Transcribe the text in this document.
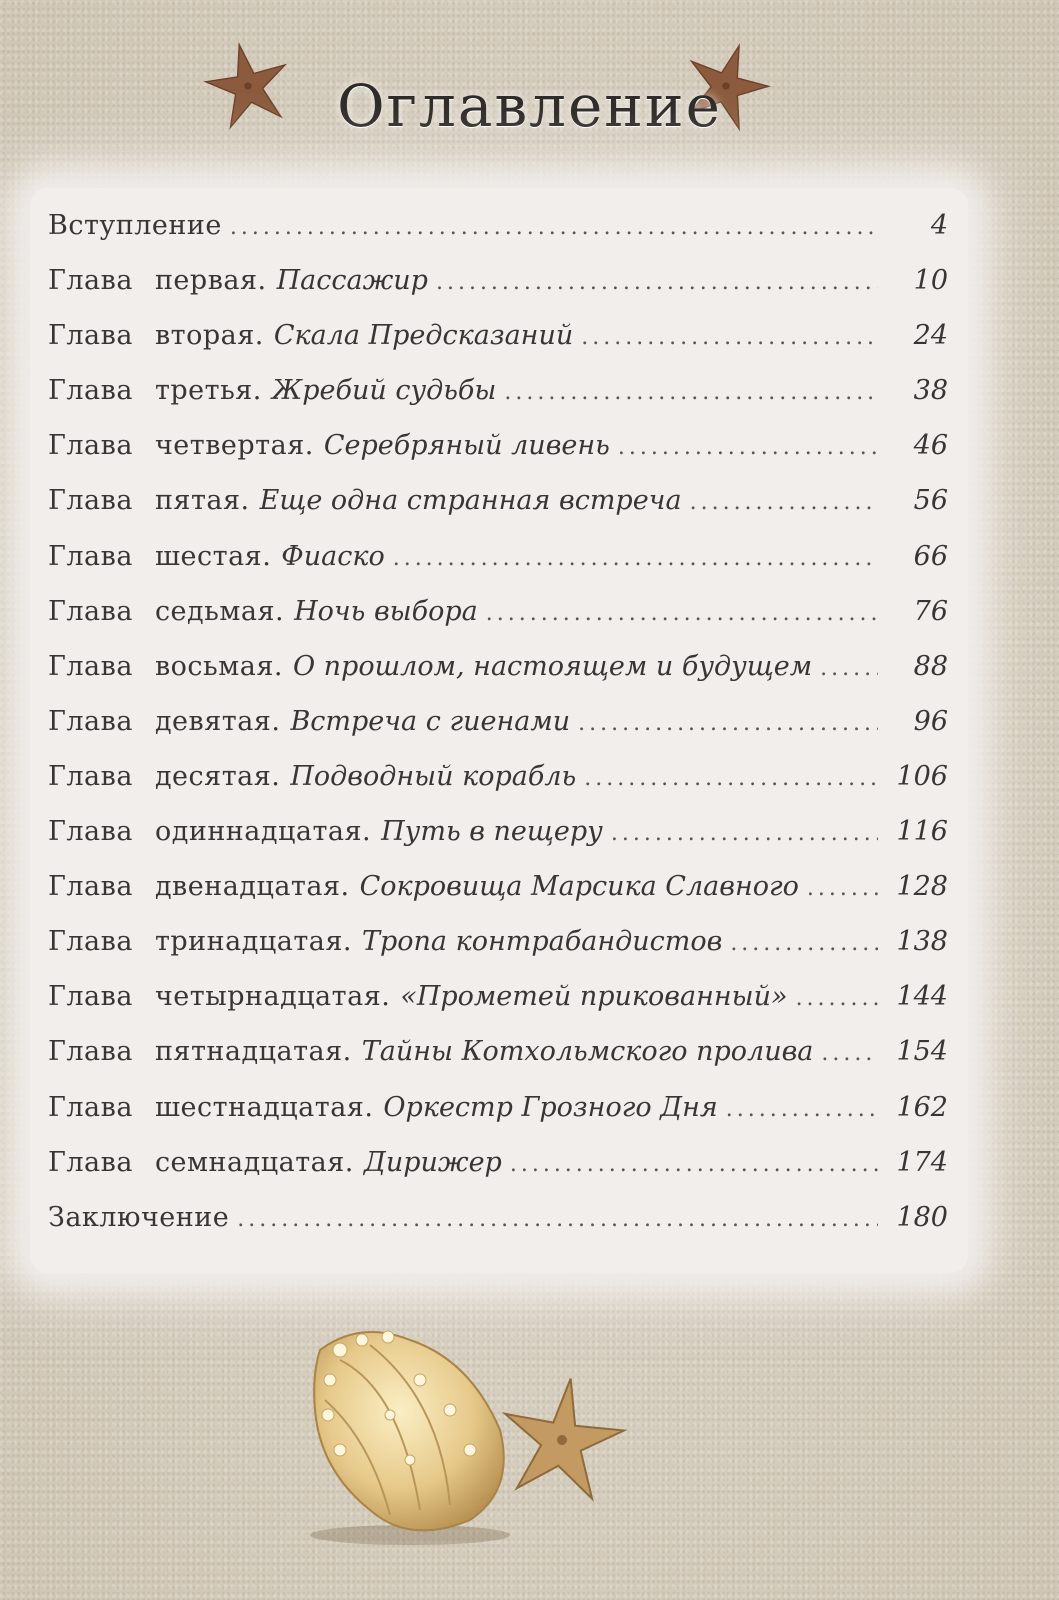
Оглавление
Вступление .....	4
Глава первая. Пассажир .....	10
Глава вторая. Скала Предсказаний .....	24
Глава третья. Жребий судьбы .....	38
Глава четвертая. Серебряный ливень .....	46
Глава пятая. Еще одна странная встреча .....	56
Глава шестая. Фиаско .....	66
Глава седьмая. Ночь выбора .....	76
Глава восьмая. О прошлом, настоящем и будущем .....	88
Глава девятая. Встреча с гиенами .....	96
Глава десятая. Подводный корабль .....	106
Глава одиннадцатая. Путь в пещеру .....	116
Глава двенадцатая. Сокровища Марсика Славного .....	128
Глава тринадцатая. Тропа контрабандистов .....	138
Глава четырнадцатая. «Прометей прикованный» .....	144
Глава пятнадцатая. Тайны Котхольмского пролива .....	154
Глава шестнадцатая. Оркестр Грозного Дня .....	162
Глава семнадцатая. Дирижер .....	174
Заключение .....	180
